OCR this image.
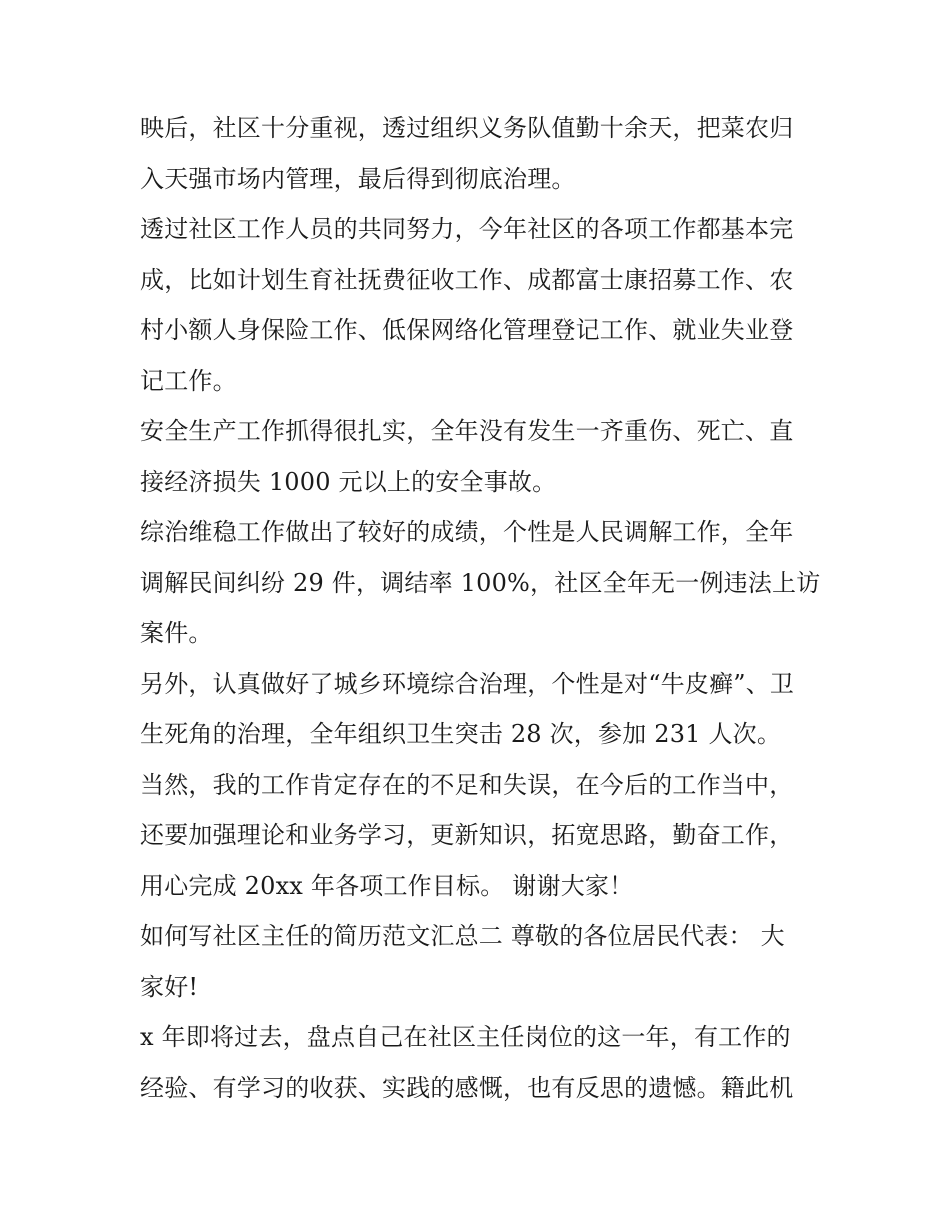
映后，社区十分重视，透过组织义务队值勤十余天，把菜农归
入天强市场内管理，最后得到彻底治理。
透过社区工作人员的共同努力，今年社区的各项工作都基本完
成，比如计划生育社抚费征收工作、成都富士康招募工作、农
村小额人身保险工作、低保网络化管理登记工作、就业失业登
记工作。
安全生产工作抓得很扎实，全年没有发生一齐重伤、死亡、直
接经济损失 1000 元以上的安全事故。
综治维稳工作做出了较好的成绩，个性是人民调解工作，全年
调解民间纠纷 29 件，调结率 100%，社区全年无一例违法上访
案件。
另外，认真做好了城乡环境综合治理，个性是对“牛皮癣”、卫
生死角的治理，全年组织卫生突击 28 次，参加 231 人次。
当然，我的工作肯定存在的不足和失误，在今后的工作当中，
还要加强理论和业务学习，更新知识，拓宽思路，勤奋工作，
用心完成 20xx 年各项工作目标。 谢谢大家！
如何写社区主任的简历范文汇总二 尊敬的各位居民代表： 大
家好!
x 年即将过去，盘点自己在社区主任岗位的这一年，有工作的
经验、有学习的收获、实践的感慨，也有反思的遗憾。籍此机
